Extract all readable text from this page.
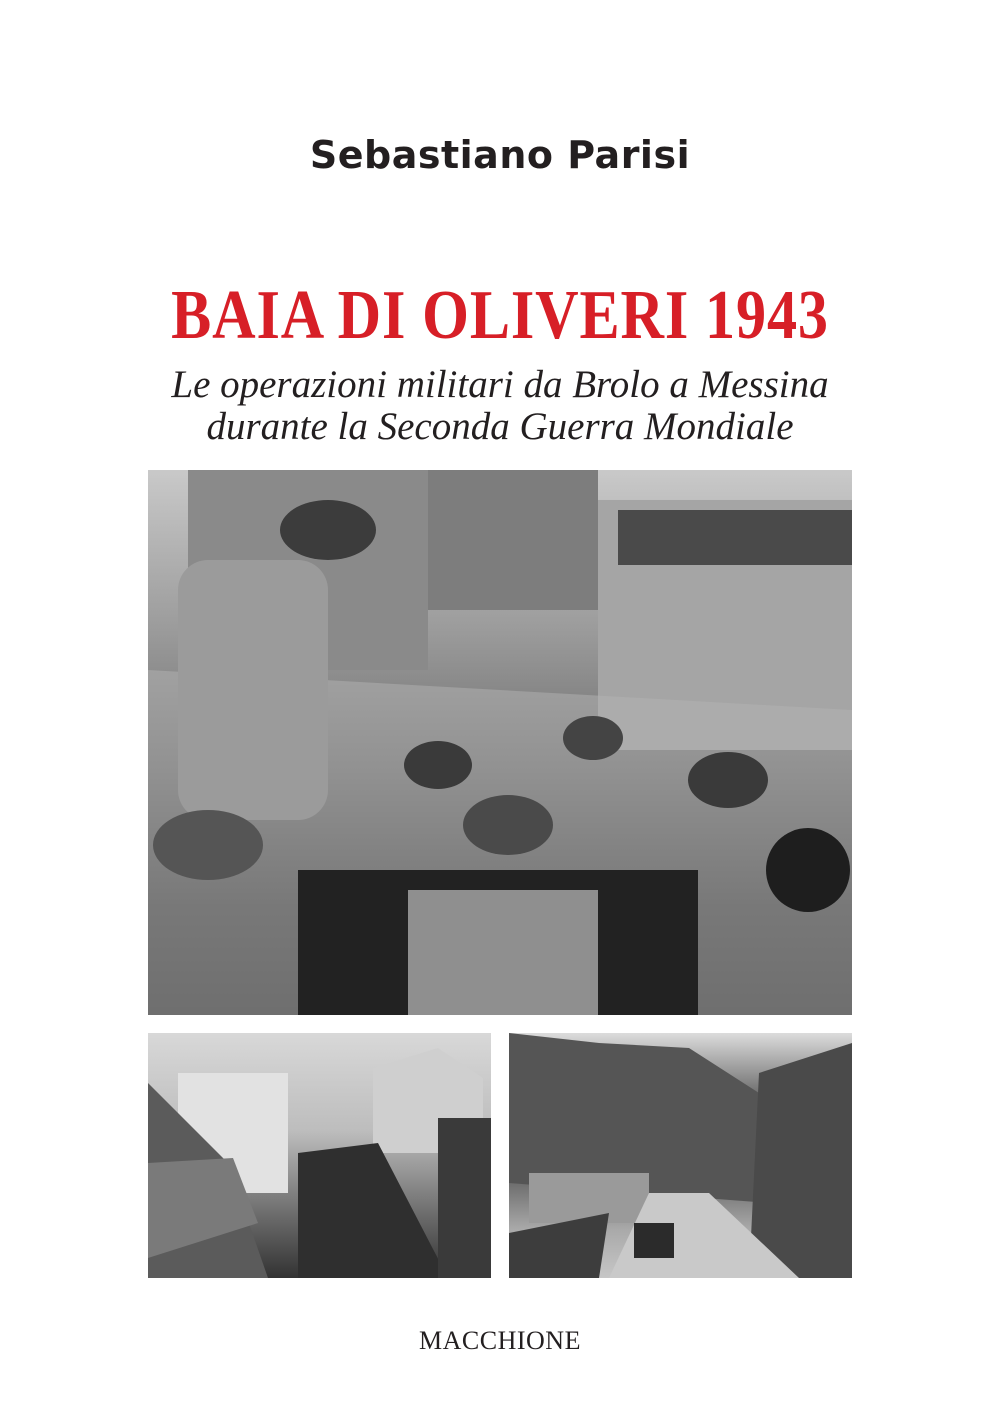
Sebastiano Parisi
BAIA DI OLIVERI 1943
Le operazioni militari da Brolo a Messina
durante la Seconda Guerra Mondiale
MACCHIONE
